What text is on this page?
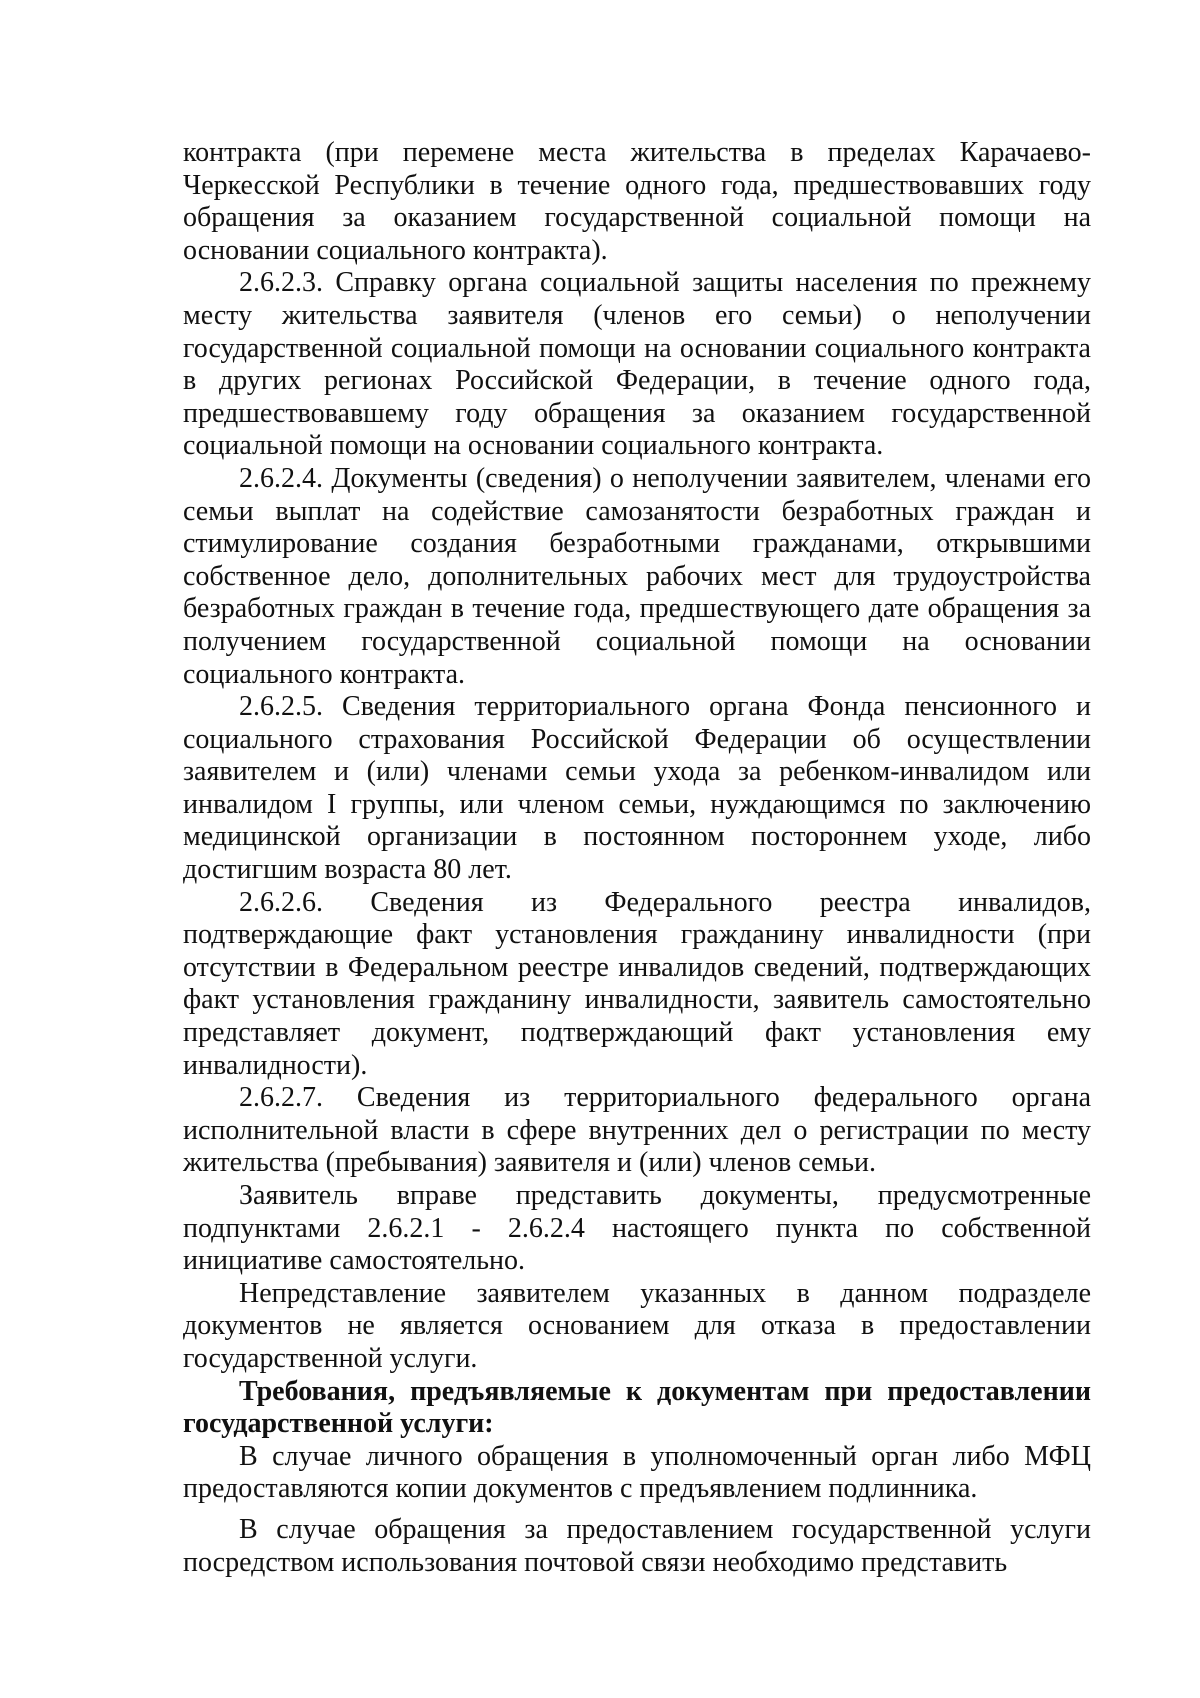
контракта (при перемене места жительства в пределах Карачаево-Черкесской Республики в течение одного года, предшествовавших году обращения за оказанием государственной социальной помощи на основании социального контракта).

2.6.2.3. Справку органа социальной защиты населения по прежнему месту жительства заявителя (членов его семьи) о неполучении государственной социальной помощи на основании социального контракта в других регионах Российской Федерации, в течение одного года, предшествовавшему году обращения за оказанием государственной социальной помощи на основании социального контракта.

2.6.2.4. Документы (сведения) о неполучении заявителем, членами его семьи выплат на содействие самозанятости безработных граждан и стимулирование создания безработными гражданами, открывшими собственное дело, дополнительных рабочих мест для трудоустройства безработных граждан в течение года, предшествующего дате обращения за получением государственной социальной помощи на основании социального контракта.

2.6.2.5. Сведения территориального органа Фонда пенсионного и социального страхования Российской Федерации об осуществлении заявителем и (или) членами семьи ухода за ребенком-инвалидом или инвалидом I группы, или членом семьи, нуждающимся по заключению медицинской организации в постоянном постороннем уходе, либо достигшим возраста 80 лет.

2.6.2.6. Сведения из Федерального реестра инвалидов, подтверждающие факт установления гражданину инвалидности (при отсутствии в Федеральном реестре инвалидов сведений, подтверждающих факт установления гражданину инвалидности, заявитель самостоятельно представляет документ, подтверждающий факт установления ему инвалидности).

2.6.2.7. Сведения из территориального федерального органа исполнительной власти в сфере внутренних дел о регистрации по месту жительства (пребывания) заявителя и (или) членов семьи.

Заявитель вправе представить документы, предусмотренные подпунктами 2.6.2.1 - 2.6.2.4 настоящего пункта по собственной инициативе самостоятельно.

Непредставление заявителем указанных в данном подразделе документов не является основанием для отказа в предоставлении государственной услуги.

Требования, предъявляемые к документам при предоставлении государственной услуги:

В случае личного обращения в уполномоченный орган либо МФЦ предоставляются копии документов с предъявлением подлинника.

В случае обращения за предоставлением государственной услуги посредством использования почтовой связи необходимо представить
